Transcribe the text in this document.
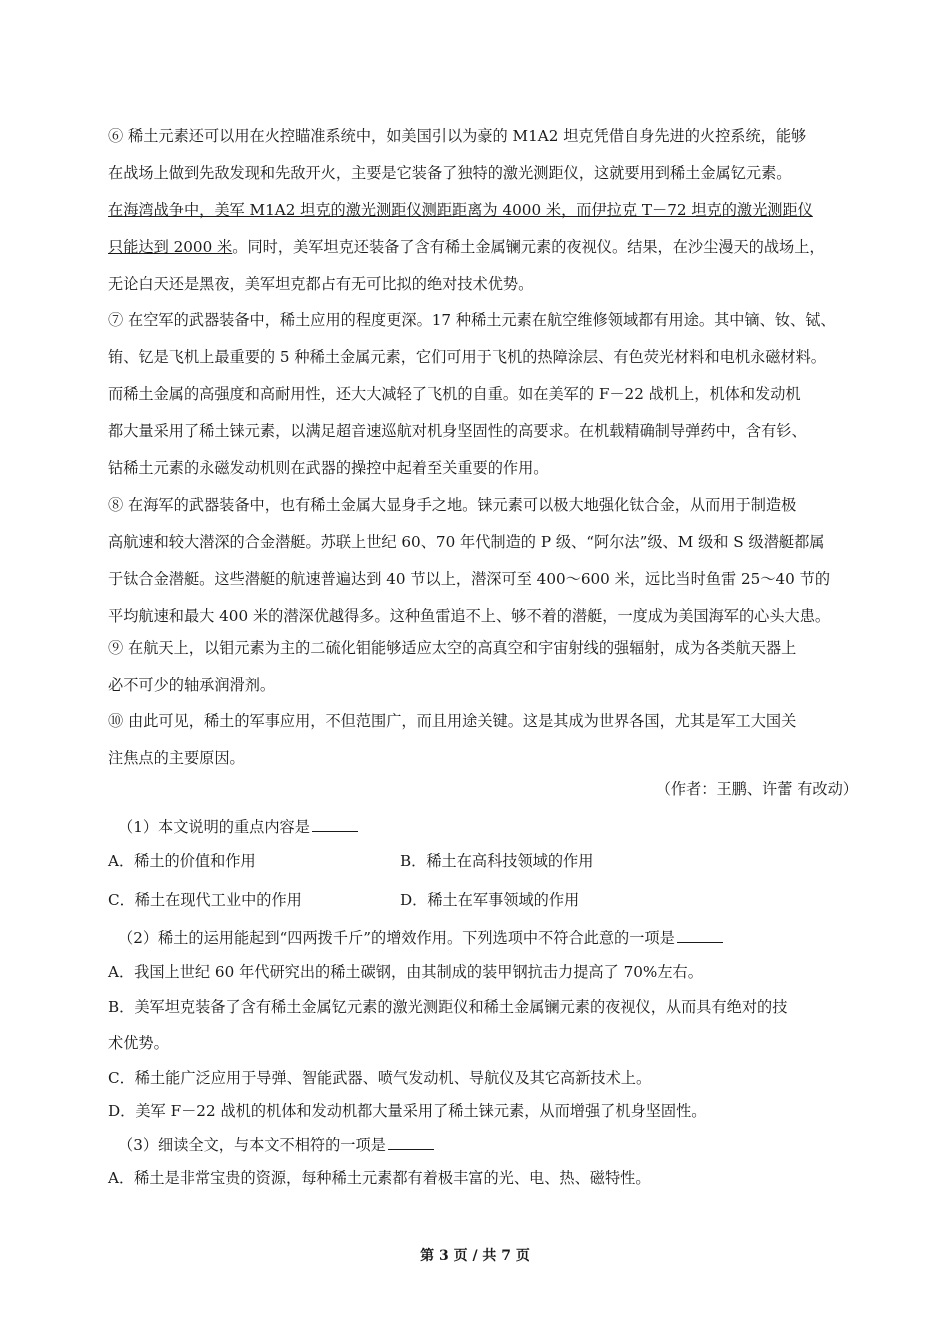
⑥ 稀土元素还可以用在火控瞄准系统中，如美国引以为豪的 M1A2 坦克凭借自身先进的火控系统，能够

在战场上做到先敌发现和先敌开火，主要是它装备了独特的激光测距仪，这就要用到稀土金属钇元素。

在海湾战争中，美军 M1A2 坦克的激光测距仪测距距离为 4000 米，而伊拉克 T－72 坦克的激光测距仪

只能达到 2000 米。同时，美军坦克还装备了含有稀土金属镧元素的夜视仪。结果，在沙尘漫天的战场上，

无论白天还是黑夜，美军坦克都占有无可比拟的绝对技术优势。

⑦ 在空军的武器装备中，稀土应用的程度更深。17 种稀土元素在航空维修领域都有用途。其中镝、钕、铽、

铕、钇是飞机上最重要的 5 种稀土金属元素，它们可用于飞机的热障涂层、有色荧光材料和电机永磁材料。

而稀土金属的高强度和高耐用性，还大大减轻了飞机的自重。如在美军的 F－22 战机上，机体和发动机

都大量采用了稀土铼元素，以满足超音速巡航对机身坚固性的高要求。在机载精确制导弹药中，含有钐、

钴稀土元素的永磁发动机则在武器的操控中起着至关重要的作用。

⑧ 在海军的武器装备中，也有稀土金属大显身手之地。铼元素可以极大地强化钛合金，从而用于制造极

高航速和较大潜深的合金潜艇。苏联上世纪 60、70 年代制造的 P 级、“阿尔法”级、M 级和 S 级潜艇都属

于钛合金潜艇。这些潜艇的航速普遍达到 40 节以上，潜深可至 400～600 米，远比当时鱼雷 25～40 节的

平均航速和最大 400 米的潜深优越得多。这种鱼雷追不上、够不着的潜艇，一度成为美国海军的心头大患。

⑨ 在航天上，以钼元素为主的二硫化钼能够适应太空的高真空和宇宙射线的强辐射，成为各类航天器上

必不可少的轴承润滑剂。

⑩ 由此可见，稀土的军事应用，不但范围广，而且用途关键。这是其成为世界各国，尤其是军工大国关

注焦点的主要原因。

（作者：王鹏、许蕾 有改动）
（1）本文说明的重点内容是
A．稀土的价值和作用	B．稀土在高科技领域的作用
C．稀土在现代工业中的作用	D．稀土在军事领域的作用
（2）稀土的运用能起到“四两拨千斤”的增效作用。下列选项中不符合此意的一项是
A．我国上世纪 60 年代研究出的稀土碳钢，由其制成的装甲钢抗击力提高了 70%左右。
B．美军坦克装备了含有稀土金属钇元素的激光测距仪和稀土金属镧元素的夜视仪，从而具有绝对的技
术优势。
C．稀土能广泛应用于导弹、智能武器、喷气发动机、导航仪及其它高新技术上。
D．美军 F－22 战机的机体和发动机都大量采用了稀土铼元素，从而增强了机身坚固性。
（3）细读全文，与本文不相符的一项是
A．稀土是非常宝贵的资源，每种稀土元素都有着极丰富的光、电、热、磁特性。
第 3 页 / 共 7 页
